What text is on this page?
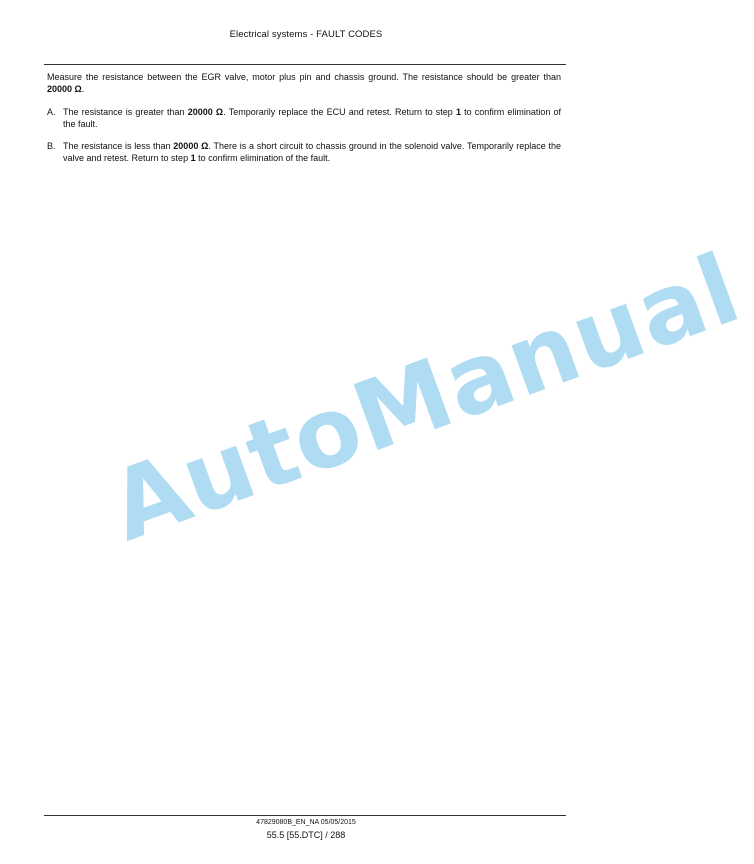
Electrical systems - FAULT CODES

Measure the resistance between the EGR valve, motor plus pin and chassis ground. The resistance should be greater than 20000 Ω.

A. The resistance is greater than 20000 Ω. Temporarily replace the ECU and retest. Return to step 1 to confirm elimination of the fault.
B. The resistance is less than 20000 Ω. There is a short circuit to chassis ground in the solenoid valve. Temporarily replace the valve and retest. Return to step 1 to confirm elimination of the fault.
AutoManual
47829080B_EN_NA 05/05/2015
55.5 [55.DTC] / 288
